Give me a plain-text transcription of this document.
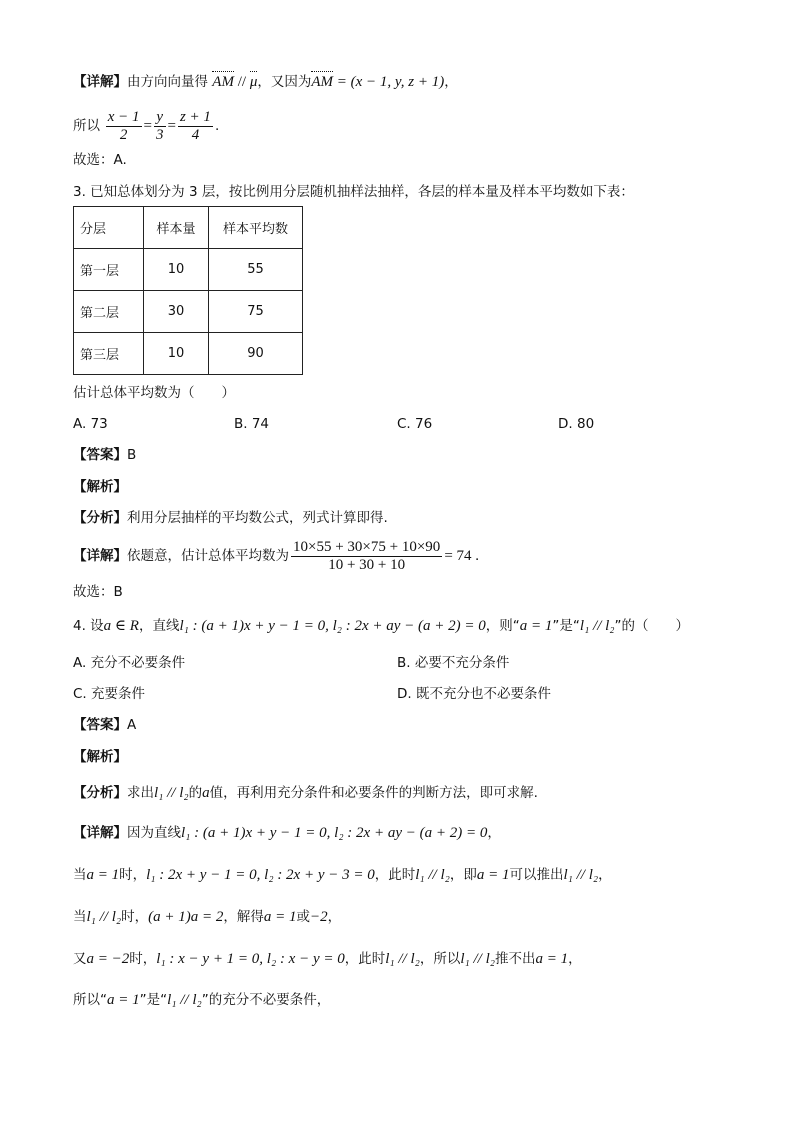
【详解】由方向向量得 AM // μ，又因为AM = (x − 1, y, z + 1)，
所以 $\frac{x - 1}{2} = \frac{y}{3} = \frac{z + 1}{4}$ .
故选：A.
3. 已知总体划分为 3 层，按比例用分层随机抽样法抽样，各层的样本量及样本平均数如下表：
分层	样本量	样本平均数
第一层	10	55
第二层	30	75
第三层	10	90
估计总体平均数为（　　）
A. 73	B. 74	C. 76	D. 80
【答案】B
【解析】
【分析】利用分层抽样的平均数公式，列式计算即得.
【详解】依题意，估计总体平均数为 $\frac{10\times 55 + 30\times 75 + 10\times 90}{10 + 30 + 10} = 74$ .
故选：B
4. 设a ∈ R，直线l₁ : (a + 1)x + y − 1 = 0, l₂ : 2x + ay − (a + 2) = 0，则“a = 1”是“l₁ // l₂”的（　　）
A. 充分不必要条件	B. 必要不充分条件
C. 充要条件	D. 既不充分也不必要条件
【答案】A
【解析】
【分析】求出l₁ // l₂的a值，再利用充分条件和必要条件的判断方法，即可求解.
【详解】因为直线l₁ : (a + 1)x + y − 1 = 0, l₂ : 2x + ay − (a + 2) = 0，
当a = 1时，l₁ : 2x + y − 1 = 0, l₂ : 2x + y − 3 = 0，此时l₁ // l₂，即a = 1可以推出l₁ // l₂，
当l₁ // l₂时，(a + 1)a = 2，解得a = 1或−2，
又a = −2时，l₁ : x − y + 1 = 0, l₂ : x − y = 0，此时l₁ // l₂，所以l₁ // l₂推不出a = 1，
所以“a = 1”是“l₁ // l₂”的充分不必要条件，
